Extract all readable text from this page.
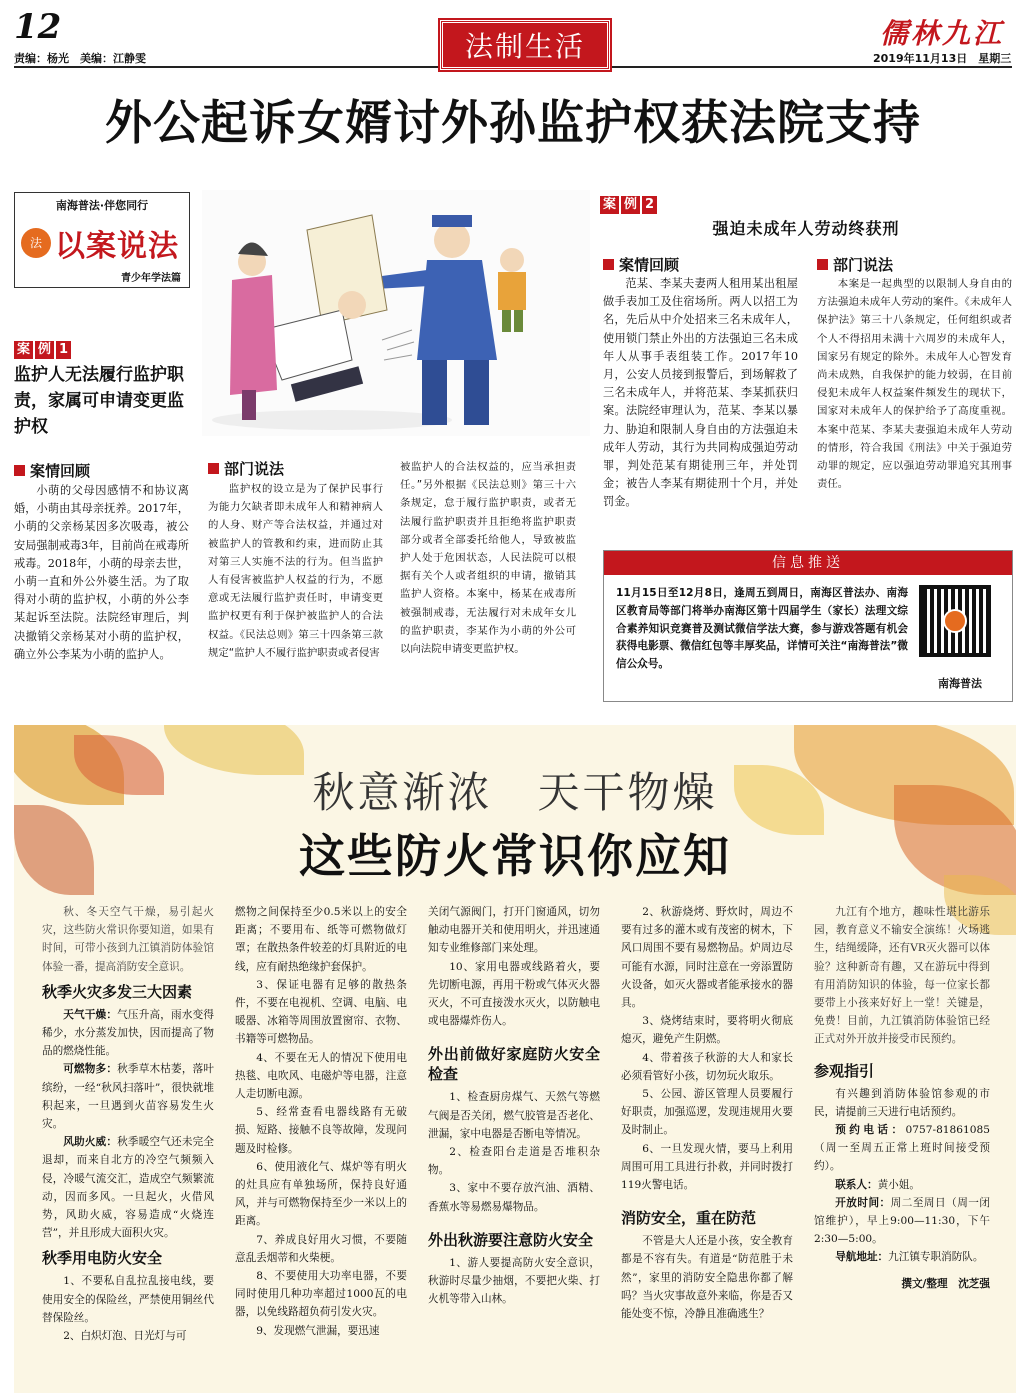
12
责编：杨光　美编：江静雯	法制生活	儒林九江
2019年11月13日　星期三
外公起诉女婿讨外孙监护权获法院支持
南海普法·伴您同行
法 以案说法
青少年学法篇
案 例 1
监护人无法履行监护职责，家属可申请变更监护权
案情回顾

小萌的父母因感情不和协议离婚，小萌由其母亲抚养。2017年，小萌的父亲杨某因多次吸毒，被公安局强制戒毒3年，目前尚在戒毒所戒毒。2018年，小萌的母亲去世，小萌一直和外公外婆生活。为了取得对小萌的监护权，小萌的外公李某起诉至法院。法院经审理后，判决撤销父亲杨某对小萌的监护权，确立外公李某为小萌的监护人。

部门说法

监护权的设立是为了保护民事行为能力欠缺者即未成年人和精神病人的人身、财产等合法权益，并通过对被监护人的管教和约束，进而防止其对第三人实施不法的行为。但当监护人有侵害被监护人权益的行为，不愿意或无法履行监护责任时，申请变更监护权更有利于保护被监护人的合法权益。《民法总则》第三十四条第三款规定“监护人不履行监护职责或者侵害

被监护人的合法权益的，应当承担责任。”另外根据《民法总则》第三十六条规定，怠于履行监护职责，或者无法履行监护职责并且拒绝将监护职责部分或者全部委托给他人，导致被监护人处于危困状态，人民法院可以根据有关个人或者组织的申请，撤销其监护人资格。本案中，杨某在戒毒所被强制戒毒，无法履行对未成年女儿的监护职责，李某作为小萌的外公可以向法院申请变更监护权。

案 例 2
强迫未成年人劳动终获刑
案情回顾

范某、李某夫妻两人租用某出租屋做手表加工及住宿场所。两人以招工为名，先后从中介处招来三名未成年人，使用锁门禁止外出的方法强迫三名未成年人从事手表组装工作。2017年10月，公安人员接到报警后，到场解救了三名未成年人，并将范某、李某抓获归案。法院经审理认为，范某、李某以暴力、胁迫和限制人身自由的方法强迫未成年人劳动，其行为共同构成强迫劳动罪，判处范某有期徒刑三年，并处罚金；被告人李某有期徒刑十个月，并处罚金。

部门说法

本案是一起典型的以限制人身自由的方法强迫未成年人劳动的案件。《未成年人保护法》第三十八条规定，任何组织或者个人不得招用未满十六周岁的未成年人，国家另有规定的除外。未成年人心智发育尚未成熟，自我保护的能力较弱，在目前侵犯未成年人权益案件频发生的现状下，国家对未成年人的保护给予了高度重视。本案中范某、李某夫妻强迫未成年人劳动的情形，符合我国《刑法》中关于强迫劳动罪的规定，应以强迫劳动罪追究其刑事责任。

信息推送

11月15日至12月8日，逢周五到周日，南海区普法办、南海区教育局等部门将举办南海区第十四届学生（家长）法理文综合素养知识竞赛普及测试微信学法大赛，参与游戏答题有机会获得电影票、微信红包等丰厚奖品，详情可关注“南海普法”微信公众号。

南海普法
秋意渐浓　天干物燥
这些防火常识你应知

秋、冬天空气干燥，易引起火灾，这些防火常识你要知道，如果有时间，可带小孩到九江镇消防体验馆体验一番，提高消防安全意识。

秋季火灾多发三大因素

天气干燥：气压升高，雨水变得稀少，水分蒸发加快，因而提高了物品的燃烧性能。

可燃物多：秋季草木枯萎，落叶缤纷，一经“秋风扫落叶”，很快就堆积起来，一旦遇到火苗容易发生火灾。

风助火威：秋季暖空气还未完全退却，而来自北方的冷空气频频入侵，冷暖气流交汇，造成空气频繁流动，因而多风。一旦起火，火借风势，风助火威，容易造成“火烧连营”，并且形成大面积火灾。

秋季用电防火安全

1、不要私自乱拉乱接电线，要使用安全的保险丝，严禁使用铜丝代替保险丝。

2、白炽灯泡、日光灯与可

燃物之间保持至少0.5米以上的安全距离；不要用布、纸等可燃物做灯罩；在散热条件较差的灯具附近的电线，应有耐热绝缘护套保护。

3、保证电器有足够的散热条件，不要在电视机、空调、电脑、电暖器、冰箱等周围放置窗帘、衣物、书籍等可燃物品。

4、不要在无人的情况下使用电热毯、电吹风、电磁炉等电器，注意人走切断电源。

5、经常查看电器线路有无破损、短路、接触不良等故障，发现问题及时检修。

6、使用液化气、煤炉等有明火的灶具应有单独场所，保持良好通风，并与可燃物保持至少一米以上的距离。

7、养成良好用火习惯，不要随意乱丢烟蒂和火柴梗。

8、不要使用大功率电器，不要同时使用几种功率超过1000瓦的电器，以免线路超负荷引发火灾。

9、发现燃气泄漏，要迅速

关闭气源阀门，打开门窗通风，切勿触动电器开关和使用明火，并迅速通知专业维修部门来处理。

10、家用电器或线路着火，要先切断电源，再用干粉或气体灭火器灭火，不可直接泼水灭火，以防触电或电器爆炸伤人。

外出前做好家庭防火安全检查

1、检查厨房煤气、天然气等燃气阀是否关闭，燃气胶管是否老化、泄漏，家中电器是否断电等情况。

2、检查阳台走道是否堆积杂物。

3、家中不要存放汽油、酒精、香蕉水等易燃易爆物品。

外出秋游要注意防火安全

1、游人要提高防火安全意识，秋游时尽量少抽烟，不要把火柴、打火机等带入山林。

2、秋游烧烤、野炊时，周边不要有过多的灌木或有茂密的树木，下风口周围不要有易燃物品。炉周边尽可能有水源，同时注意在一旁添置防火设备，如灭火器或者能承接水的器具。

3、烧烤结束时，要将明火彻底熄灭，避免产生阴燃。

4、带着孩子秋游的大人和家长必须看管好小孩，切勿玩火取乐。

5、公园、游区管理人员要履行好职责，加强巡逻，发现违规用火要及时制止。

6、一旦发现火情，要马上利用周围可用工具进行扑救，并同时拨打119火警电话。

消防安全，重在防范

不管是大人还是小孩，安全教育都是不容有失。有道是“防范胜于未然”，家里的消防安全隐患你都了解吗？当火灾事故意外来临，你是否又能处变不惊，冷静且准确逃生？

九江有个地方，趣味性堪比游乐园，教育意义不输安全演练！火场逃生，结绳缓降，还有VR灭火器可以体验？这种新奇有趣，又在游玩中得到有用消防知识的体验，每一位家长都要带上小孩来好好上一堂！关键是，免费！目前，九江镇消防体验馆已经正式对外开放并接受市民预约。

参观指引

有兴趣到消防体验馆参观的市民，请提前三天进行电话预约。

预约电话：0757-81861085（周一至周五正常上班时间接受预约）。

联系人：黄小姐。

开放时间：周二至周日（周一闭馆维护），早上9:00—11:30，下午2:30—5:00。

导航地址：九江镇专职消防队。

撰文/整理　沈芝强
